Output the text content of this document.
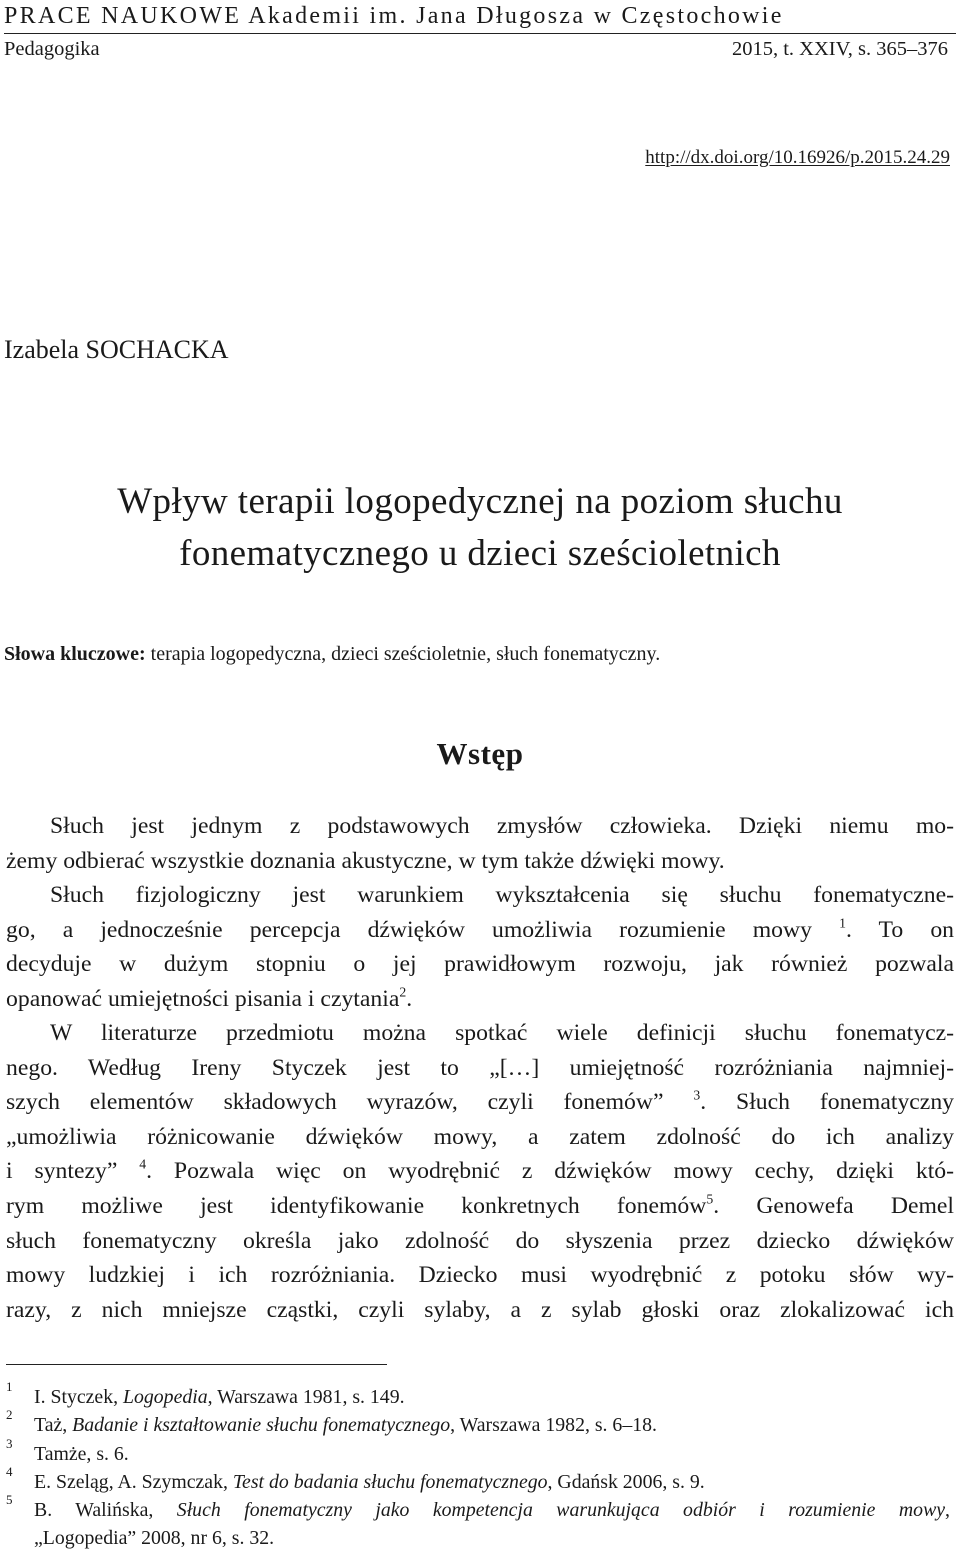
PRACE NAUKOWE Akademii im. Jana Długosza w Częstochowie
Pedagogika	2015, t. XXIV, s. 365–376
http://dx.doi.org/10.16926/p.2015.24.29
Izabela SOCHACKA
Wpływ terapii logopedycznej na poziom słuchu
fonematycznego u dzieci sześcioletnich
Słowa kluczowe: terapia logopedyczna, dzieci sześcioletnie, słuch fonematyczny.
Wstęp
Słuch jest jednym z podstawowych zmysłów człowieka. Dzięki niemu mo-
żemy odbierać wszystkie doznania akustyczne, w tym także dźwięki mowy.
Słuch fizjologiczny jest warunkiem wykształcenia się słuchu fonematyczne-
go, a jednocześnie percepcja dźwięków umożliwia rozumienie mowy $^1$. To on
decyduje w dużym stopniu o jej prawidłowym rozwoju, jak również pozwala
opanować umiejętności pisania i czytania$^2$.
W literaturze przedmiotu można spotkać wiele definicji słuchu fonematycz-
nego. Według Ireny Styczek jest to „[…] umiejętność rozróżniania najmniej-
szych elementów składowych wyrazów, czyli fonemów” $^3$. Słuch fonematyczny
„umożliwia różnicowanie dźwięków mowy, a zatem zdolność do ich analizy
i syntezy” $^4$. Pozwala więc on wyodrębnić z dźwięków mowy cechy, dzięki któ-
rym możliwe jest identyfikowanie konkretnych fonemów$^5$. Genowefa Demel
słuch fonematyczny określa jako zdolność do słyszenia przez dziecko dźwięków
mowy ludzkiej i ich rozróżniania. Dziecko musi wyodrębnić z potoku słów wy-
razy, z nich mniejsze cząstki, czyli sylaby, a z sylab głoski oraz zlokalizować ich
1 I. Styczek, Logopedia, Warszawa 1981, s. 149.
2 Taż, Badanie i kształtowanie słuchu fonematycznego, Warszawa 1982, s. 6–18.
3 Tamże, s. 6.
4 E. Szeląg, A. Szymczak, Test do badania słuchu fonematycznego, Gdańsk 2006, s. 9.
5 B. Walińska, Słuch fonematyczny jako kompetencja warunkująca odbiór i rozumienie mowy,
„Logopedia” 2008, nr 6, s. 32.
